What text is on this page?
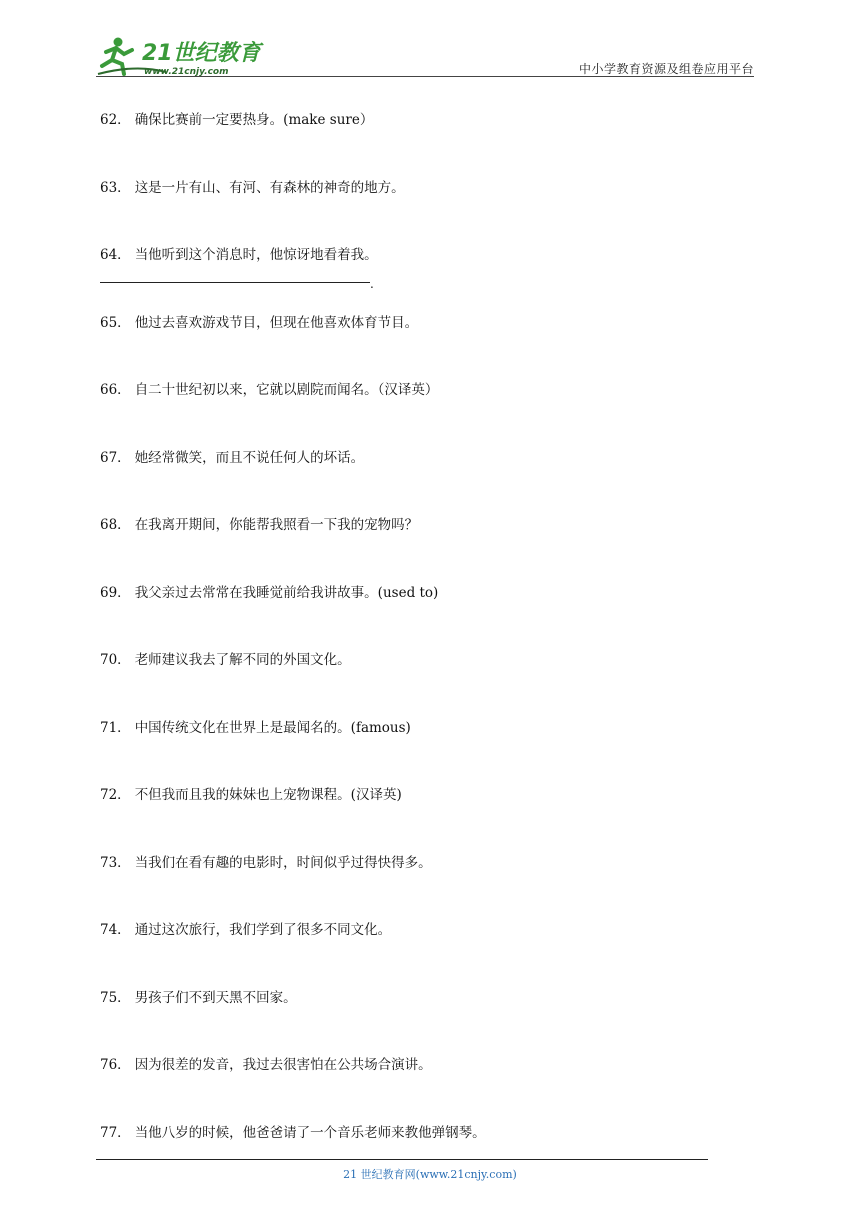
21世纪教育
www.21cnjy.com	中小学教育资源及组卷应用平台
62． 确保比赛前一定要热身。(make sure）
63． 这是一片有山、有河、有森林的神奇的地方。
64． 当他听到这个消息时，他惊讶地看着我。
.
65． 他过去喜欢游戏节目，但现在他喜欢体育节目。
66． 自二十世纪初以来，它就以剧院而闻名。（汉译英）
67． 她经常微笑，而且不说任何人的坏话。
68． 在我离开期间，你能帮我照看一下我的宠物吗？
69． 我父亲过去常常在我睡觉前给我讲故事。(used to)
70． 老师建议我去了解不同的外国文化。
71． 中国传统文化在世界上是最闻名的。(famous)
72． 不但我而且我的妹妹也上宠物课程。(汉译英)
73． 当我们在看有趣的电影时，时间似乎过得快得多。
74． 通过这次旅行，我们学到了很多不同文化。
75． 男孩子们不到天黑不回家。
76． 因为很差的发音，我过去很害怕在公共场合演讲。
77． 当他八岁的时候，他爸爸请了一个音乐老师来教他弹钢琴。
21 世纪教育网(www.21cnjy.com)
